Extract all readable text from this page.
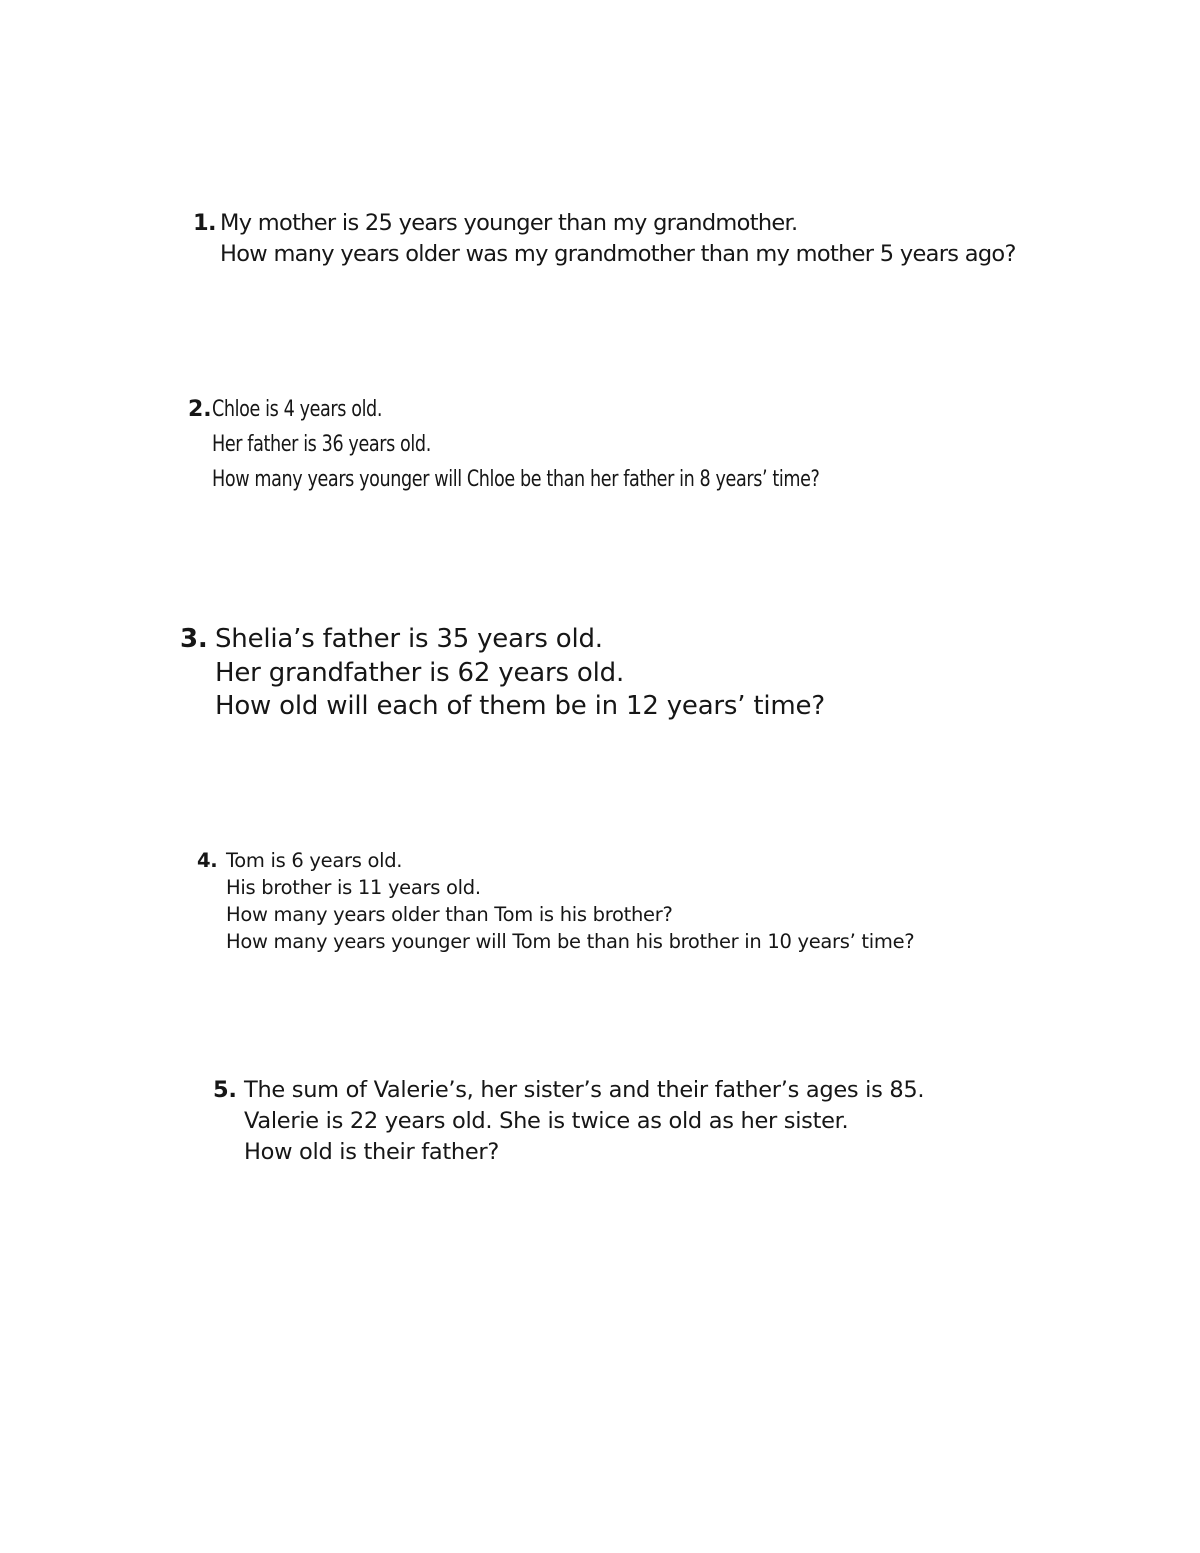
1. My mother is 25 years younger than my grandmother.
How many years older was my grandmother than my mother 5 years ago?
2. Chloe is 4 years old.
Her father is 36 years old.
How many years younger will Chloe be than her father in 8 years’ time?
3. Shelia’s father is 35 years old.
Her grandfather is 62 years old.
How old will each of them be in 12 years’ time?
4. Tom is 6 years old.
His brother is 11 years old.
How many years older than Tom is his brother?
How many years younger will Tom be than his brother in 10 years’ time?
5. The sum of Valerie’s, her sister’s and their father’s ages is 85.
Valerie is 22 years old. She is twice as old as her sister.
How old is their father?
